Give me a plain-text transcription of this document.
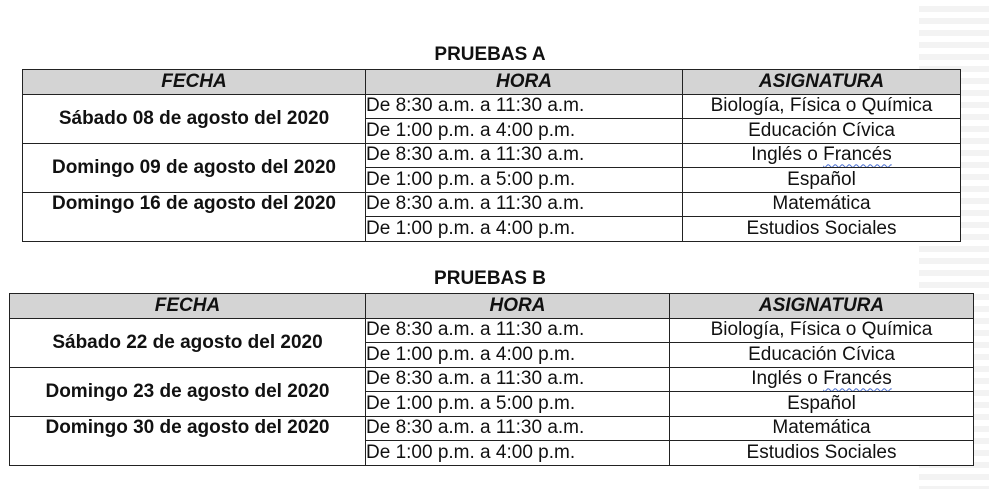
PRUEBAS A
FECHA	HORA	ASIGNATURA
Sábado 08 de agosto del 2020	De 8:30 a.m. a 11:30 a.m.	Biología, Física o Química
	De 1:00 p.m. a 4:00 p.m.	Educación Cívica
Domingo 09 de agosto del 2020	De 8:30 a.m. a 11:30 a.m.	Inglés o Francés
	De 1:00 p.m. a 5:00 p.m.	Español
Domingo 16 de agosto del 2020	De 8:30 a.m. a 11:30 a.m.	Matemática
	De 1:00 p.m. a 4:00 p.m.	Estudios Sociales
PRUEBAS B
FECHA	HORA	ASIGNATURA
Sábado 22 de agosto del 2020	De 8:30 a.m. a 11:30 a.m.	Biología, Física o Química
	De 1:00 p.m. a 4:00 p.m.	Educación Cívica
Domingo 23 de agosto del 2020	De 8:30 a.m. a 11:30 a.m.	Inglés o Francés
	De 1:00 p.m. a 5:00 p.m.	Español
Domingo 30 de agosto del 2020	De 8:30 a.m. a 11:30 a.m.	Matemática
	De 1:00 p.m. a 4:00 p.m.	Estudios Sociales
